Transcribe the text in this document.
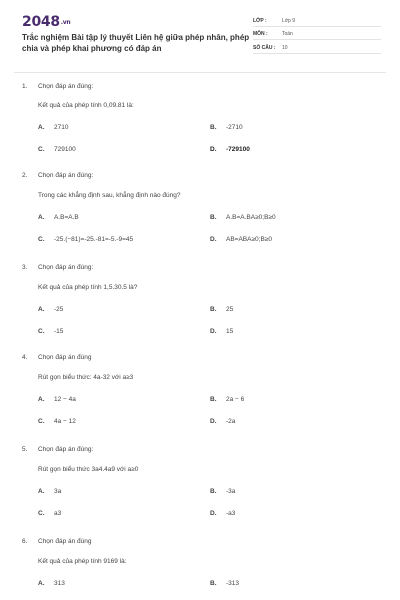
2048.vn
Trắc nghiệm Bài tập lý thuyết Liên hệ giữa phép nhân, phép chia và phép khai phương có đáp án
LỚP :	Lớp 9
MÔN :	Toán
SỐ CÂU :	10
1. Chọn đáp án đúng:
Kết quả của phép tính 0,09.81 là:
A. 2710	B. -2710
C. 729100	D. -729100
2. Chọn đáp án đúng:
Trong các khẳng định sau, khẳng định nào đúng?
A. A.B=A.B	B. A.B=A.BA≥0;B≥0
C. -25.(−81)=-25.-81=-5.-9=45	D. AB=ABA≥0;B≥0
3. Chọn đáp án đúng:
Kết quả của phép tính 1,5.30.5 là?
A. -25	B. 25
C. -15	D. 15
4. Chọn đáp án đúng
Rút gọn biểu thức: 4a-32 với a≥3
A. 12 − 4a	B. 2a − 6
C. 4a − 12	D. -2a
5. Chọn đáp án đúng:
Rút gọn biểu thức 3a4.4a9 với a≥0
A. 3a	B. -3a
C. a3	D. -a3
6. Chọn đáp án đúng
Kết quả của phép tính 9169 là:
A. 313	B. -313
